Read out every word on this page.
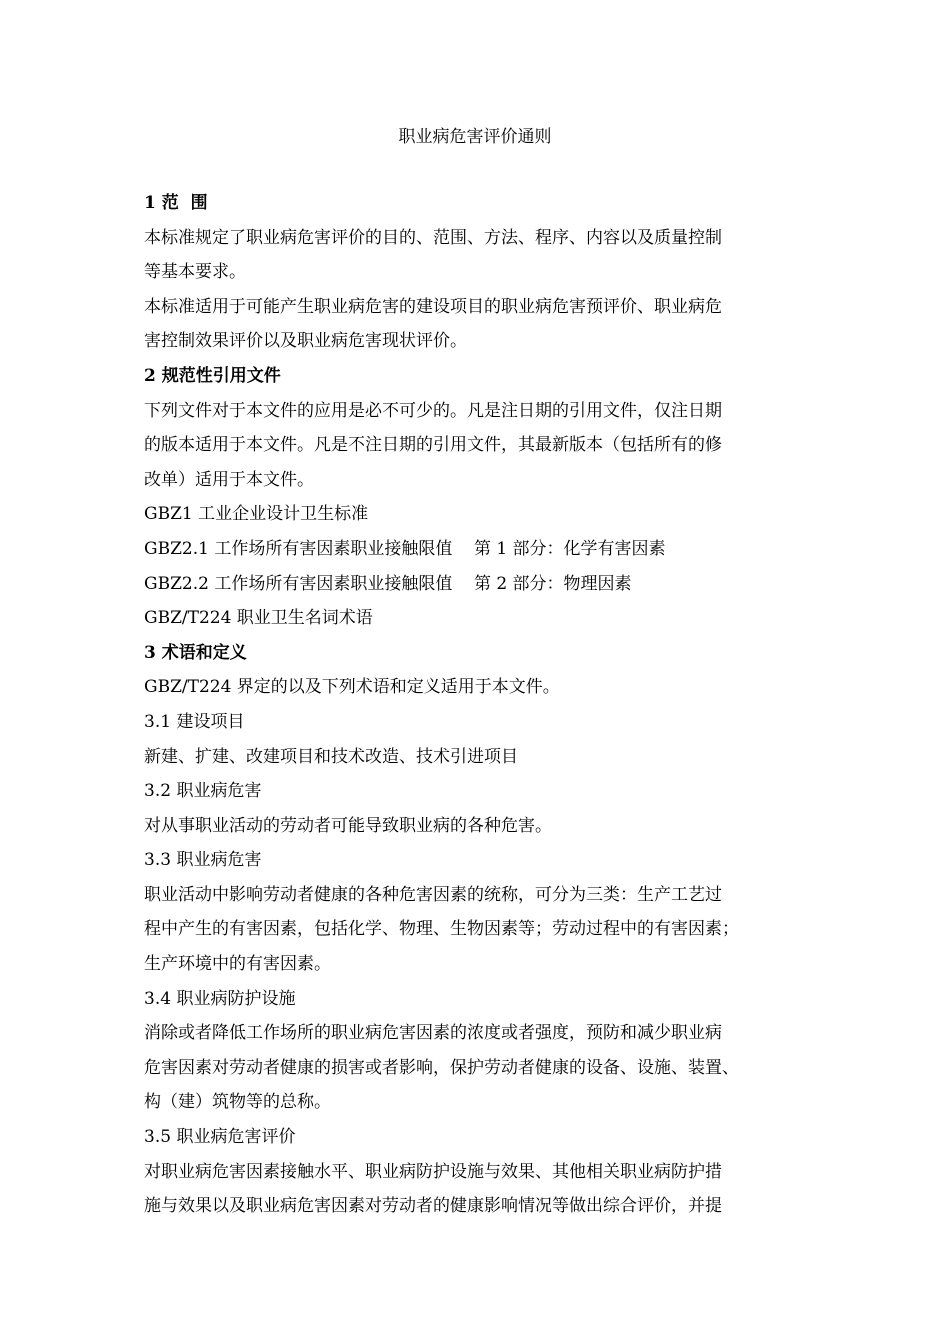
职业病危害评价通则

1 范  围

本标准规定了职业病危害评价的目的、范围、方法、程序、内容以及质量控制

等基本要求。

本标准适用于可能产生职业病危害的建设项目的职业病危害预评价、职业病危

害控制效果评价以及职业病危害现状评价。

2 规范性引用文件

下列文件对于本文件的应用是必不可少的。凡是注日期的引用文件，仅注日期

的版本适用于本文件。凡是不注日期的引用文件，其最新版本（包括所有的修

改单）适用于本文件。

GBZ1 工业企业设计卫生标准

GBZ2.1 工作场所有害因素职业接触限值    第 1 部分：化学有害因素

GBZ2.2 工作场所有害因素职业接触限值    第 2 部分：物理因素

GBZ/T224 职业卫生名词术语

3 术语和定义

GBZ/T224 界定的以及下列术语和定义适用于本文件。

3.1 建设项目

新建、扩建、改建项目和技术改造、技术引进项目

3.2 职业病危害

对从事职业活动的劳动者可能导致职业病的各种危害。

3.3 职业病危害

职业活动中影响劳动者健康的各种危害因素的统称，可分为三类：生产工艺过

程中产生的有害因素，包括化学、物理、生物因素等；劳动过程中的有害因素；

生产环境中的有害因素。

3.4 职业病防护设施

消除或者降低工作场所的职业病危害因素的浓度或者强度，预防和减少职业病

危害因素对劳动者健康的损害或者影响，保护劳动者健康的设备、设施、装置、

构（建）筑物等的总称。

3.5 职业病危害评价

对职业病危害因素接触水平、职业病防护设施与效果、其他相关职业病防护措

施与效果以及职业病危害因素对劳动者的健康影响情况等做出综合评价，并提
